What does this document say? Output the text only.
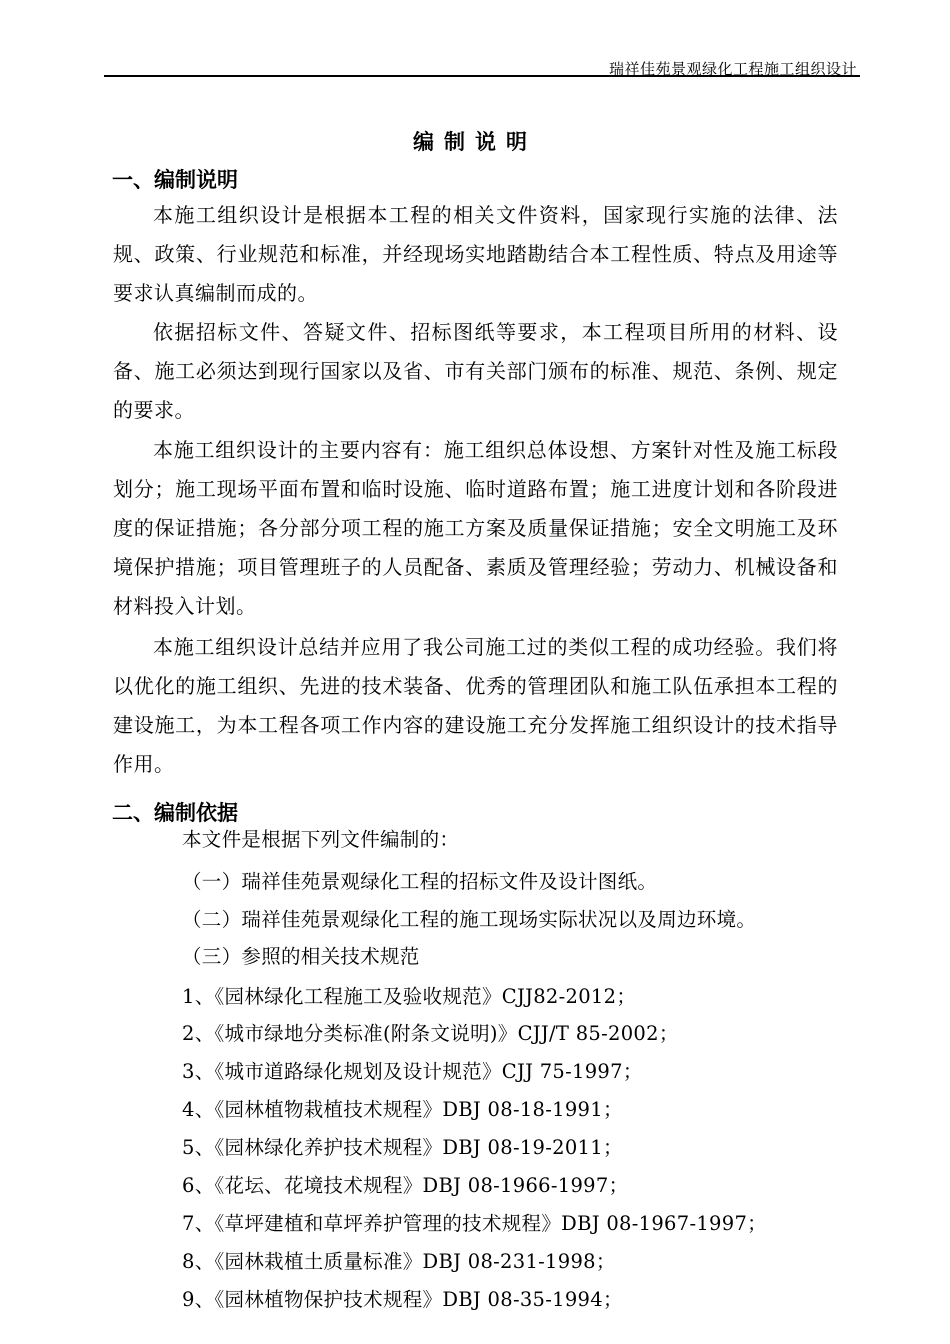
瑞祥佳苑景观绿化工程施工组织设计
编制说明
一、编制说明

本施工组织设计是根据本工程的相关文件资料，国家现行实施的法律、法规、政策、行业规范和标准，并经现场实地踏勘结合本工程性质、特点及用途等要求认真编制而成的。

依据招标文件、答疑文件、招标图纸等要求，本工程项目所用的材料、设备、施工必须达到现行国家以及省、市有关部门颁布的标准、规范、条例、规定的要求。

本施工组织设计的主要内容有：施工组织总体设想、方案针对性及施工标段划分；施工现场平面布置和临时设施、临时道路布置；施工进度计划和各阶段进度的保证措施；各分部分项工程的施工方案及质量保证措施；安全文明施工及环境保护措施；项目管理班子的人员配备、素质及管理经验；劳动力、机械设备和材料投入计划。

本施工组织设计总结并应用了我公司施工过的类似工程的成功经验。我们将以优化的施工组织、先进的技术装备、优秀的管理团队和施工队伍承担本工程的建设施工，为本工程各项工作内容的建设施工充分发挥施工组织设计的技术指导作用。

二、编制依据
本文件是根据下列文件编制的：
（一）瑞祥佳苑景观绿化工程的招标文件及设计图纸。
（二）瑞祥佳苑景观绿化工程的施工现场实际状况以及周边环境。
（三）参照的相关技术规范
1、《园林绿化工程施工及验收规范》CJJ82-2012；
2、《城市绿地分类标准(附条文说明)》CJJ/T 85-2002；
3、《城市道路绿化规划及设计规范》CJJ 75-1997；
4、《园林植物栽植技术规程》DBJ 08-18-1991；
5、《园林绿化养护技术规程》DBJ 08-19-2011；
6、《花坛、花境技术规程》DBJ 08-1966-1997；
7、《草坪建植和草坪养护管理的技术规程》DBJ 08-1967-1997；
8、《园林栽植土质量标准》DBJ 08-231-1998；
9、《园林植物保护技术规程》DBJ 08-35-1994；
